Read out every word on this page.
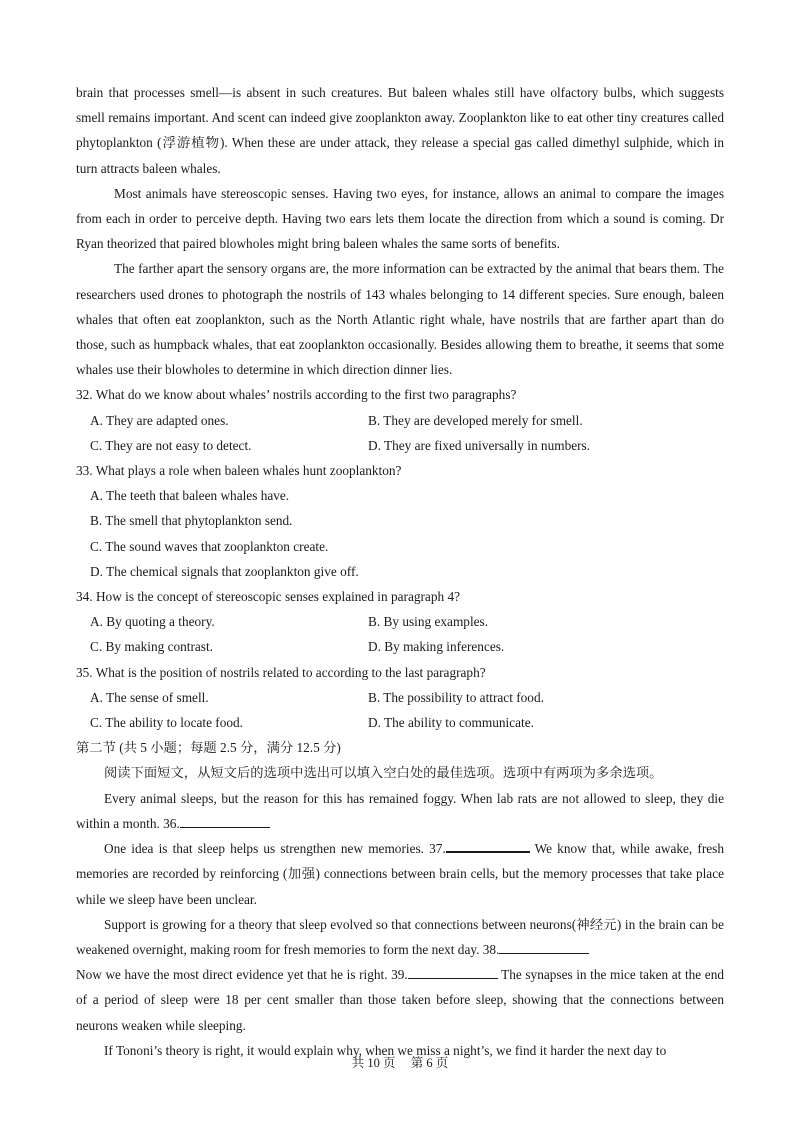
brain that processes smell—is absent in such creatures. But baleen whales still have olfactory bulbs, which suggests smell remains important. And scent can indeed give zooplankton away. Zooplankton like to eat other tiny creatures called phytoplankton (浮游植物). When these are under attack, they release a special gas called dimethyl sulphide, which in turn attracts baleen whales.

Most animals have stereoscopic senses. Having two eyes, for instance, allows an animal to compare the images from each in order to perceive depth. Having two ears lets them locate the direction from which a sound is coming. Dr Ryan theorized that paired blowholes might bring baleen whales the same sorts of benefits.

The farther apart the sensory organs are, the more information can be extracted by the animal that bears them. The researchers used drones to photograph the nostrils of 143 whales belonging to 14 different species. Sure enough, baleen whales that often eat zooplankton, such as the North Atlantic right whale, have nostrils that are farther apart than do those, such as humpback whales, that eat zooplankton occasionally. Besides allowing them to breathe, it seems that some whales use their blowholes to determine in which direction dinner lies.

32. What do we know about whales’ nostrils according to the first two paragraphs?

A. They are adapted ones.	B. They are developed merely for smell.
C. They are not easy to detect.	D. They are fixed universally in numbers.

33. What plays a role when baleen whales hunt zooplankton?

A. The teeth that baleen whales have.
B. The smell that phytoplankton send.
C. The sound waves that zooplankton create.
D. The chemical signals that zooplankton give off.

34. How is the concept of stereoscopic senses explained in paragraph 4?

A. By quoting a theory.	B. By using examples.
C. By making contrast.	D. By making inferences.

35. What is the position of nostrils related to according to the last paragraph?

A. The sense of smell.	B. The possibility to attract food.
C. The ability to locate food.	D. The ability to communicate.

第二节 (共 5 小题；每题 2.5 分，满分 12.5 分)

阅读下面短文，从短文后的选项中选出可以填入空白处的最佳选项。选项中有两项为多余选项。

Every animal sleeps, but the reason for this has remained foggy. When lab rats are not allowed to sleep, they die within a month. 36.

One idea is that sleep helps us strengthen new memories. 37.	We know that, while awake, fresh memories are recorded by reinforcing (加强) connections between brain cells, but the memory processes that take place while we sleep have been unclear.

Support is growing for a theory that sleep evolved so that connections between neurons(神经元) in the brain can be weakened overnight, making room for fresh memories to form the next day. 38.
Now we have the most direct evidence yet that he is right. 39.	The synapses in the mice taken at the end of a period of sleep were 18 per cent smaller than those taken before sleep, showing that the connections between neurons weaken while sleeping.

If Tononi’s theory is right, it would explain why, when we miss a night’s, we find it harder the next day to

共 10 页 第 6 页
